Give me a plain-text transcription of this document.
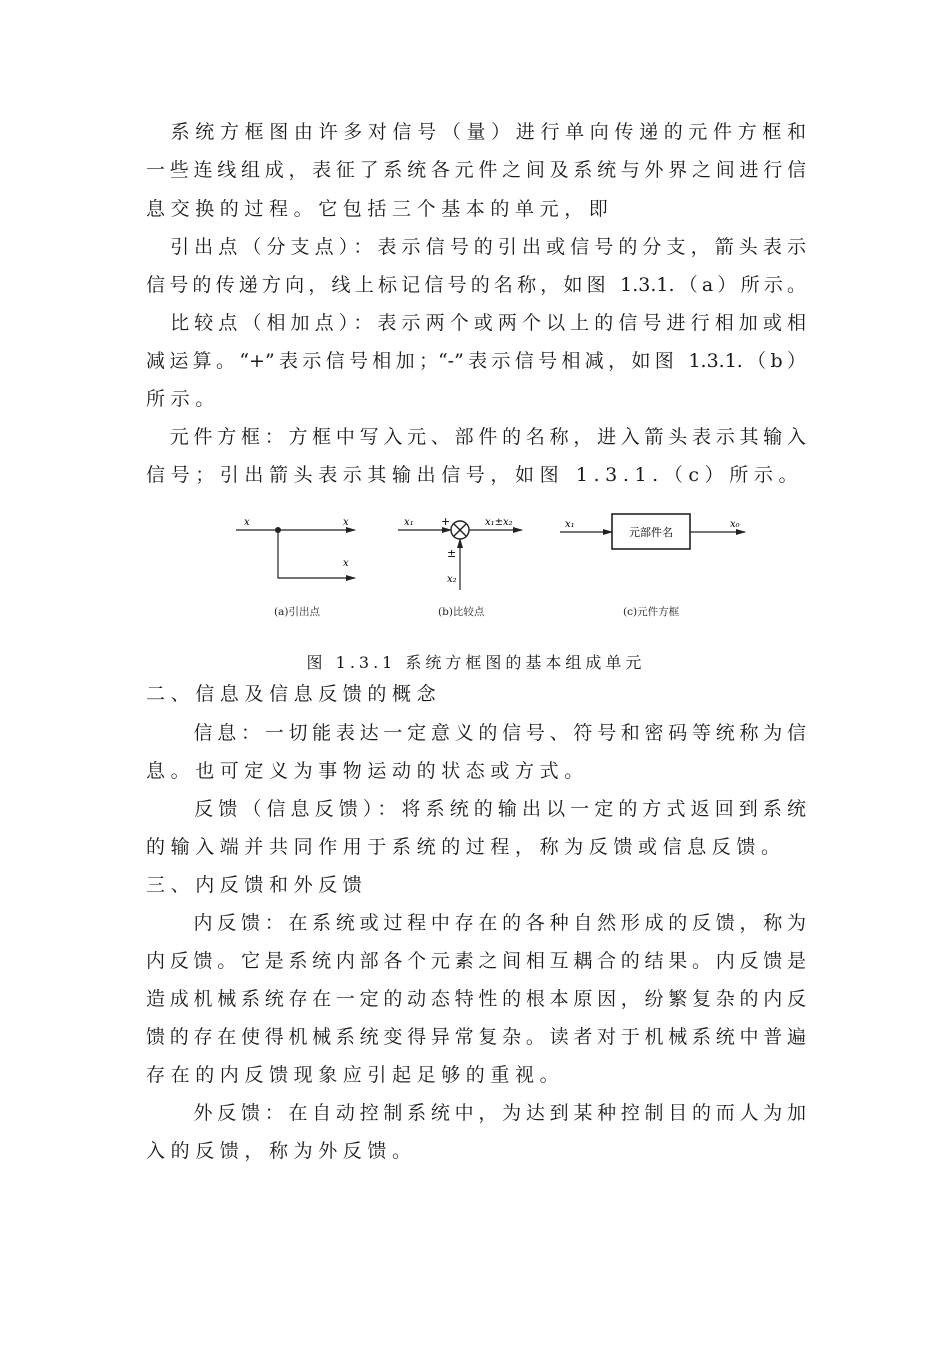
　系统方框图由许多对信号（量）进行单向传递的元件方框和
一些连线组成，表征了系统各元件之间及系统与外界之间进行信
息交换的过程。它包括三个基本的单元，即
　引出点（分支点）：表示信号的引出或信号的分支，箭头表示
信号的传递方向，线上标记信号的名称，如图 1.3.1.（a）所示。
　比较点（相加点）：表示两个或两个以上的信号进行相加或相
减运算。“+”表示信号相加；“-”表示信号相减，如图 1.3.1.（b）
所示。
　元件方框：方框中写入元、部件的名称，进入箭头表示其输入
信号；引出箭头表示其输出信号，如图 1.3.1.（c）所示。
x	x
x
x₁ +	x₁±x₂
±
x₂
元部件名
x₁	x₀
(a)引出点	(b)比较点	(c)元件方框
图 1.3.1 系统方框图的基本组成单元
二、信息及信息反馈的概念
　　信息：一切能表达一定意义的信号、符号和密码等统称为信
息。也可定义为事物运动的状态或方式。
　　反馈（信息反馈）：将系统的输出以一定的方式返回到系统
的输入端并共同作用于系统的过程，称为反馈或信息反馈。
三、内反馈和外反馈
　　内反馈：在系统或过程中存在的各种自然形成的反馈，称为
内反馈。它是系统内部各个元素之间相互耦合的结果。内反馈是
造成机械系统存在一定的动态特性的根本原因，纷繁复杂的内反
馈的存在使得机械系统变得异常复杂。读者对于机械系统中普遍
存在的内反馈现象应引起足够的重视。
　　外反馈：在自动控制系统中，为达到某种控制目的而人为加
入的反馈，称为外反馈。
